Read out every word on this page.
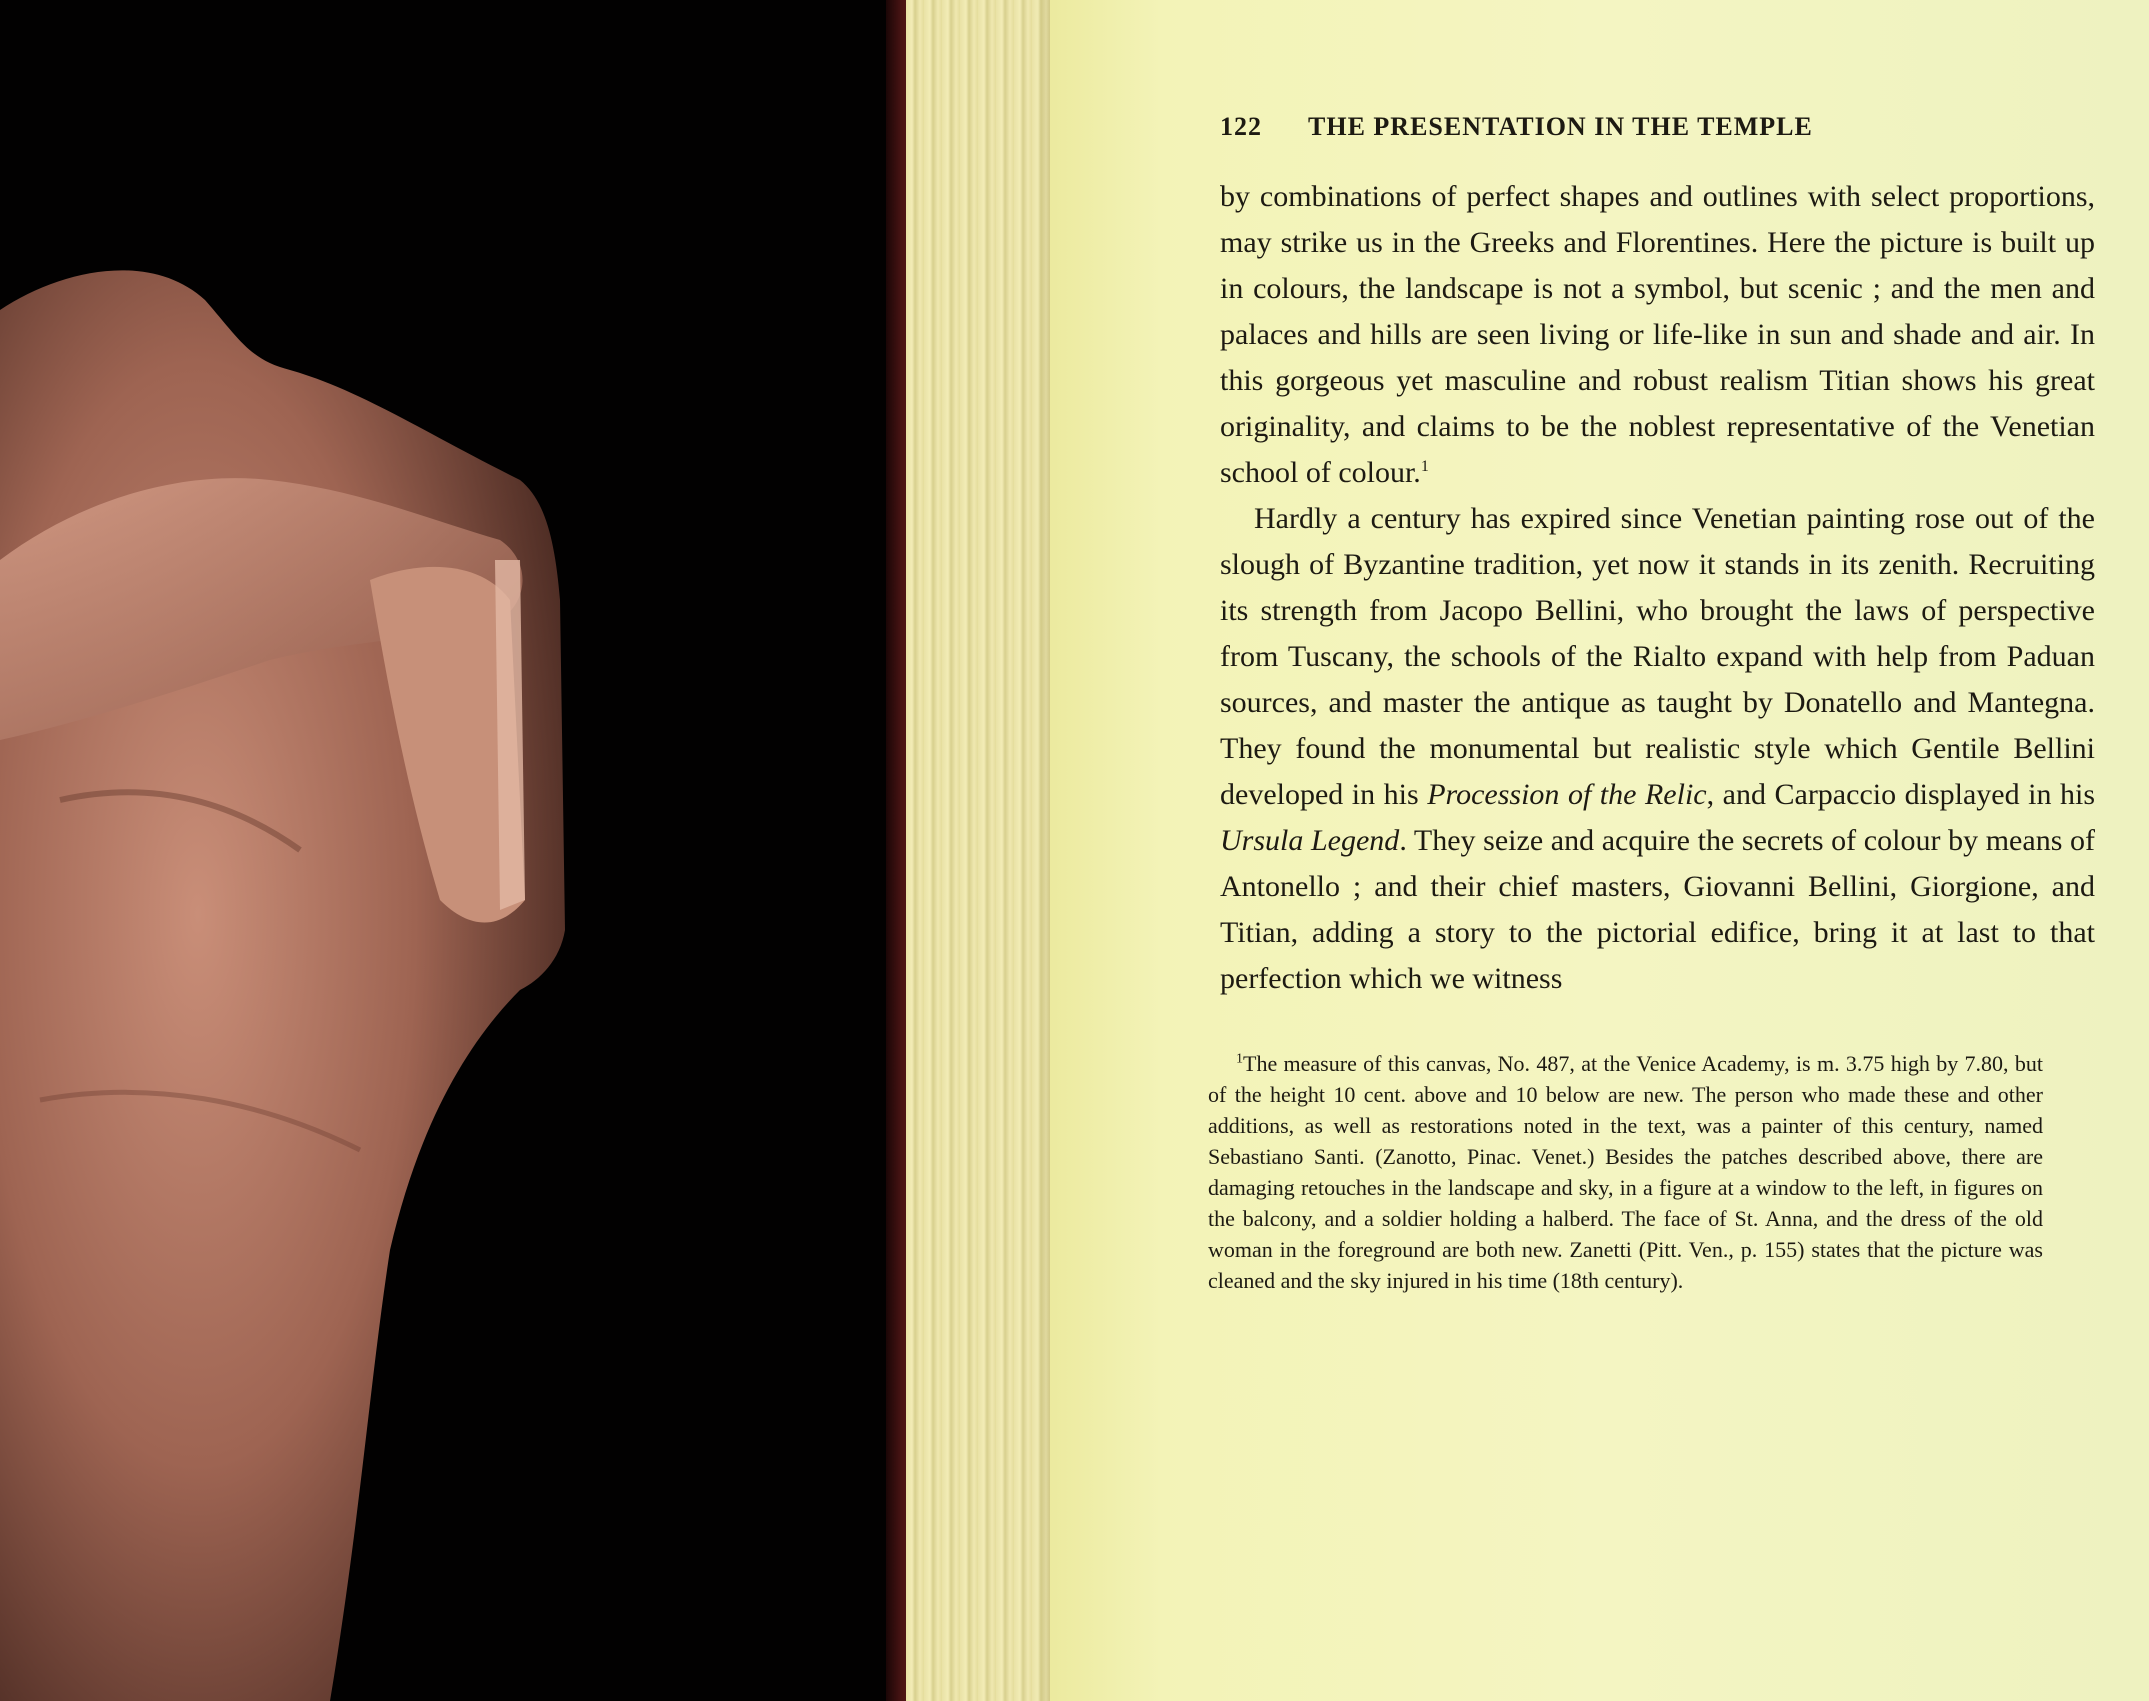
122	THE PRESENTATION IN THE TEMPLE

by combinations of perfect shapes and outlines with select proportions, may strike us in the Greeks and Florentines. Here the picture is built up in colours, the landscape is not a symbol, but scenic ; and the men and palaces and hills are seen living or life-like in sun and shade and air. In this gorgeous yet masculine and robust realism Titian shows his great originality, and claims to be the noblest representative of the Venetian school of colour.$^1$

Hardly a century has expired since Venetian painting rose out of the slough of Byzantine tradition, yet now it stands in its zenith. Recruiting its strength from Jacopo Bellini, who brought the laws of perspective from Tuscany, the schools of the Rialto expand with help from Paduan sources, and master the antique as taught by Donatello and Mantegna. They found the monumental but realistic style which Gentile Bellini developed in his Procession of the Relic, and Carpaccio displayed in his Ursula Legend. They seize and acquire the secrets of colour by means of Antonello ; and their chief masters, Giovanni Bellini, Giorgione, and Titian, adding a story to the pictorial edifice, bring it at last to that perfection which we witness

$^1$The measure of this canvas, No. 487, at the Venice Academy, is m. 3.75 high by 7.80, but of the height 10 cent. above and 10 below are new. The person who made these and other additions, as well as restorations noted in the text, was a painter of this century, named Sebastiano Santi. (Zanotto, Pinac. Venet.) Besides the patches described above, there are damaging retouches in the landscape and sky, in a figure at a window to the left, in figures on the balcony, and a soldier holding a halberd. The face of St. Anna, and the dress of the old woman in the foreground are both new. Zanetti (Pitt. Ven., p. 155) states that the picture was cleaned and the sky injured in his time (18th century).
